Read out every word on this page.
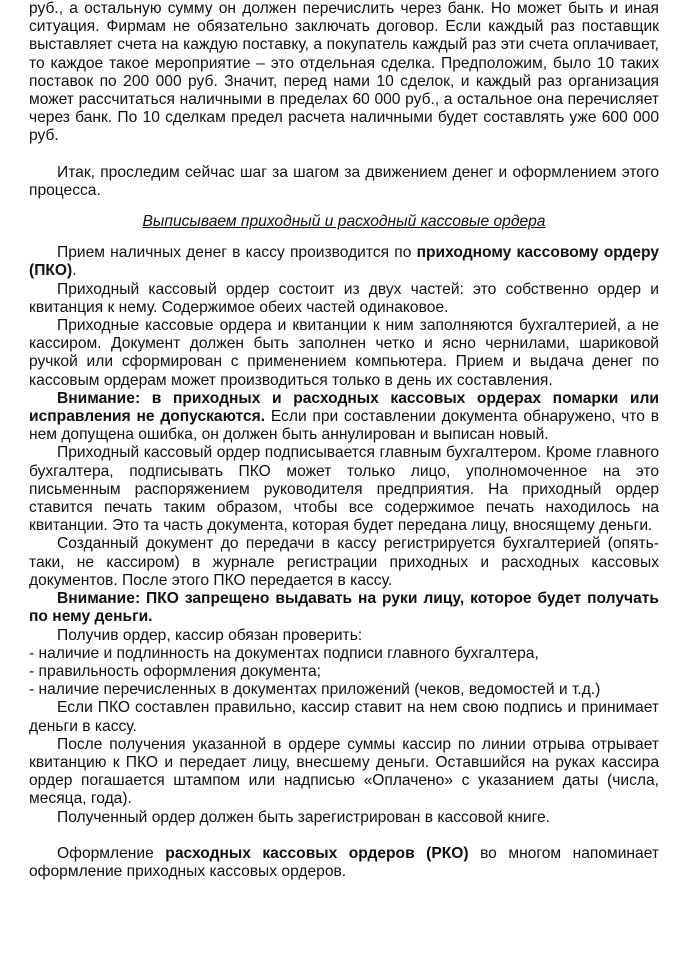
руб., а остальную сумму он должен перечислить через банк. Но может быть и иная ситуация. Фирмам не обязательно заключать договор. Если каждый раз поставщик выставляет счета на каждую поставку, а покупатель каждый раз эти счета оплачивает, то каждое такое мероприятие – это отдельная сделка. Предположим, было 10 таких поставок по 200 000 руб. Значит, перед нами 10 сделок, и каждый раз организация может рассчитаться наличными в пределах 60 000 руб., а остальное она перечисляет через банк. По 10 сделкам предел расчета наличными будет составлять уже 600 000 руб.

Итак, проследим сейчас шаг за шагом за движением денег и оформлением этого процесса.

Выписываем приходный и расходный кассовые ордера

Прием наличных денег в кассу производится по приходному кассовому ордеру (ПКО).

Приходный кассовый ордер состоит из двух частей: это собственно ордер и квитанция к нему. Содержимое обеих частей одинаковое.

Приходные кассовые ордера и квитанции к ним заполняются бухгалтерией, а не кассиром. Документ должен быть заполнен четко и ясно чернилами, шариковой ручкой или сформирован с применением компьютера. Прием и выдача денег по кассовым ордерам может производиться только в день их составления.

Внимание: в приходных и расходных кассовых ордерах помарки или исправления не допускаются. Если при составлении документа обнаружено, что в нем допущена ошибка, он должен быть аннулирован и выписан новый.

Приходный кассовый ордер подписывается главным бухгалтером. Кроме главного бухгалтера, подписывать ПКО может только лицо, уполномоченное на это письменным распоряжением руководителя предприятия. На приходный ордер ставится печать таким образом, чтобы все содержимое печать находилось на квитанции. Это та часть документа, которая будет передана лицу, вносящему деньги.

Созданный документ до передачи в кассу регистрируется бухгалтерией (опять-таки, не кассиром) в журнале регистрации приходных и расходных кассовых документов. После этого ПКО передается в кассу.

Внимание: ПКО запрещено выдавать на руки лицу, которое будет получать по нему деньги.

Получив ордер, кассир обязан проверить:

- наличие и подлинность на документах подписи главного бухгалтера,

- правильность оформления документа;

- наличие перечисленных в документах приложений (чеков, ведомостей и т.д.)

Если ПКО составлен правильно, кассир ставит на нем свою подпись и принимает деньги в кассу.

После получения указанной в ордере суммы кассир по линии отрыва отрывает квитанцию к ПКО и передает лицу, внесшему деньги. Оставшийся на руках кассира ордер погашается штампом или надписью «Оплачено» с указанием даты (числа, месяца, года).

Полученный ордер должен быть зарегистрирован в кассовой книге.

Оформление расходных кассовых ордеров (РКО) во многом напоминает оформление приходных кассовых ордеров.
